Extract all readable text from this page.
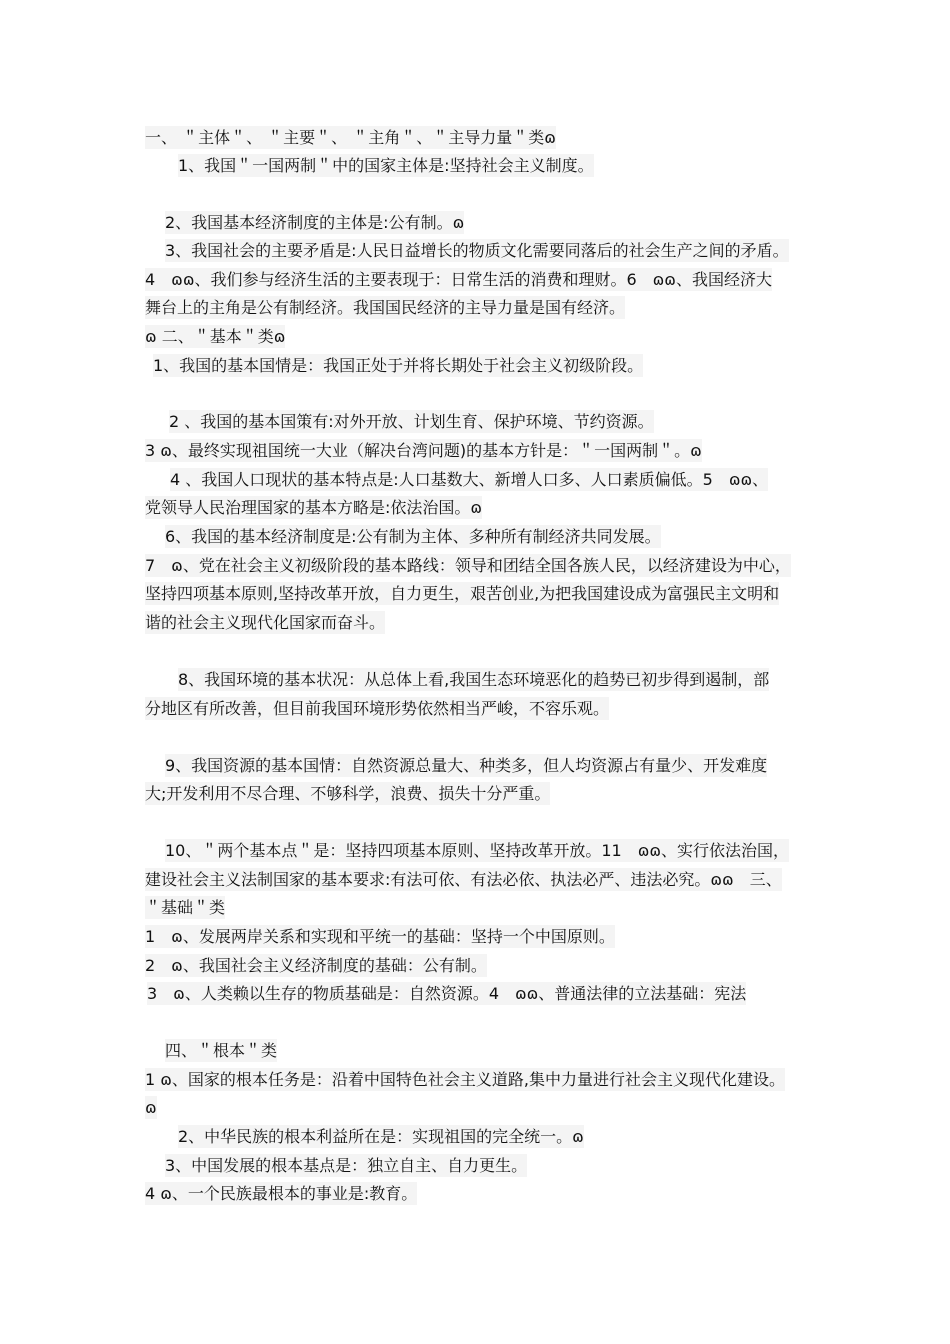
一、 ＂主体＂、 ＂主要＂、 ＂主角＂、＂主导力量＂类ɷ
1、我国＂一国两制＂中的国家主体是:坚持社会主义制度。
2、我国基本经济制度的主体是:公有制。ɷ
3、我国社会的主要矛盾是:人民日益增长的物质文化需要同落后的社会生产之间的矛盾。
4　ɷɷ、我们参与经济生活的主要表现于：日常生活的消费和理财。6　ɷɷ、我国经济大
舞台上的主角是公有制经济。我国国民经济的主导力量是国有经济。
ɷ 二、＂基本＂类ɷ
1、我国的基本国情是：我国正处于并将长期处于社会主义初级阶段。
2 、我国的基本国策有:对外开放、计划生育、保护环境、节约资源。
3 ɷ、最终实现祖国统一大业（解决台湾问题)的基本方针是：＂一国两制＂。ɷ
4 、我国人口现状的基本特点是:人口基数大、新增人口多、人口素质偏低。5　ɷɷ、
党领导人民治理国家的基本方略是:依法治国。ɷ
6、我国的基本经济制度是:公有制为主体、多种所有制经济共同发展。
7　ɷ、党在社会主义初级阶段的基本路线：领导和团结全国各族人民，以经济建设为中心，
坚持四项基本原则,坚持改革开放，自力更生，艰苦创业,为把我国建设成为富强民主文明和
谐的社会主义现代化国家而奋斗。
8、我国环境的基本状况：从总体上看,我国生态环境恶化的趋势已初步得到遏制，部
分地区有所改善，但目前我国环境形势依然相当严峻，不容乐观。
9、我国资源的基本国情：自然资源总量大、种类多，但人均资源占有量少、开发难度
大;开发利用不尽合理、不够科学，浪费、损失十分严重。
10、＂两个基本点＂是：坚持四项基本原则、坚持改革开放。11　ɷɷ、实行依法治国，
建设社会主义法制国家的基本要求:有法可依、有法必依、执法必严、违法必究。ɷɷ　三、
＂基础＂类
1　ɷ、发展两岸关系和实现和平统一的基础：坚持一个中国原则。
2　ɷ、我国社会主义经济制度的基础：公有制。
3　ɷ、人类赖以生存的物质基础是：自然资源。4　ɷɷ、普通法律的立法基础：宪法
四、＂根本＂类
1 ɷ、国家的根本任务是：沿着中国特色社会主义道路,集中力量进行社会主义现代化建设。
ɷ
2、中华民族的根本利益所在是：实现祖国的完全统一。ɷ
3、中国发展的根本基点是：独立自主、自力更生。
4 ɷ、一个民族最根本的事业是:教育。
